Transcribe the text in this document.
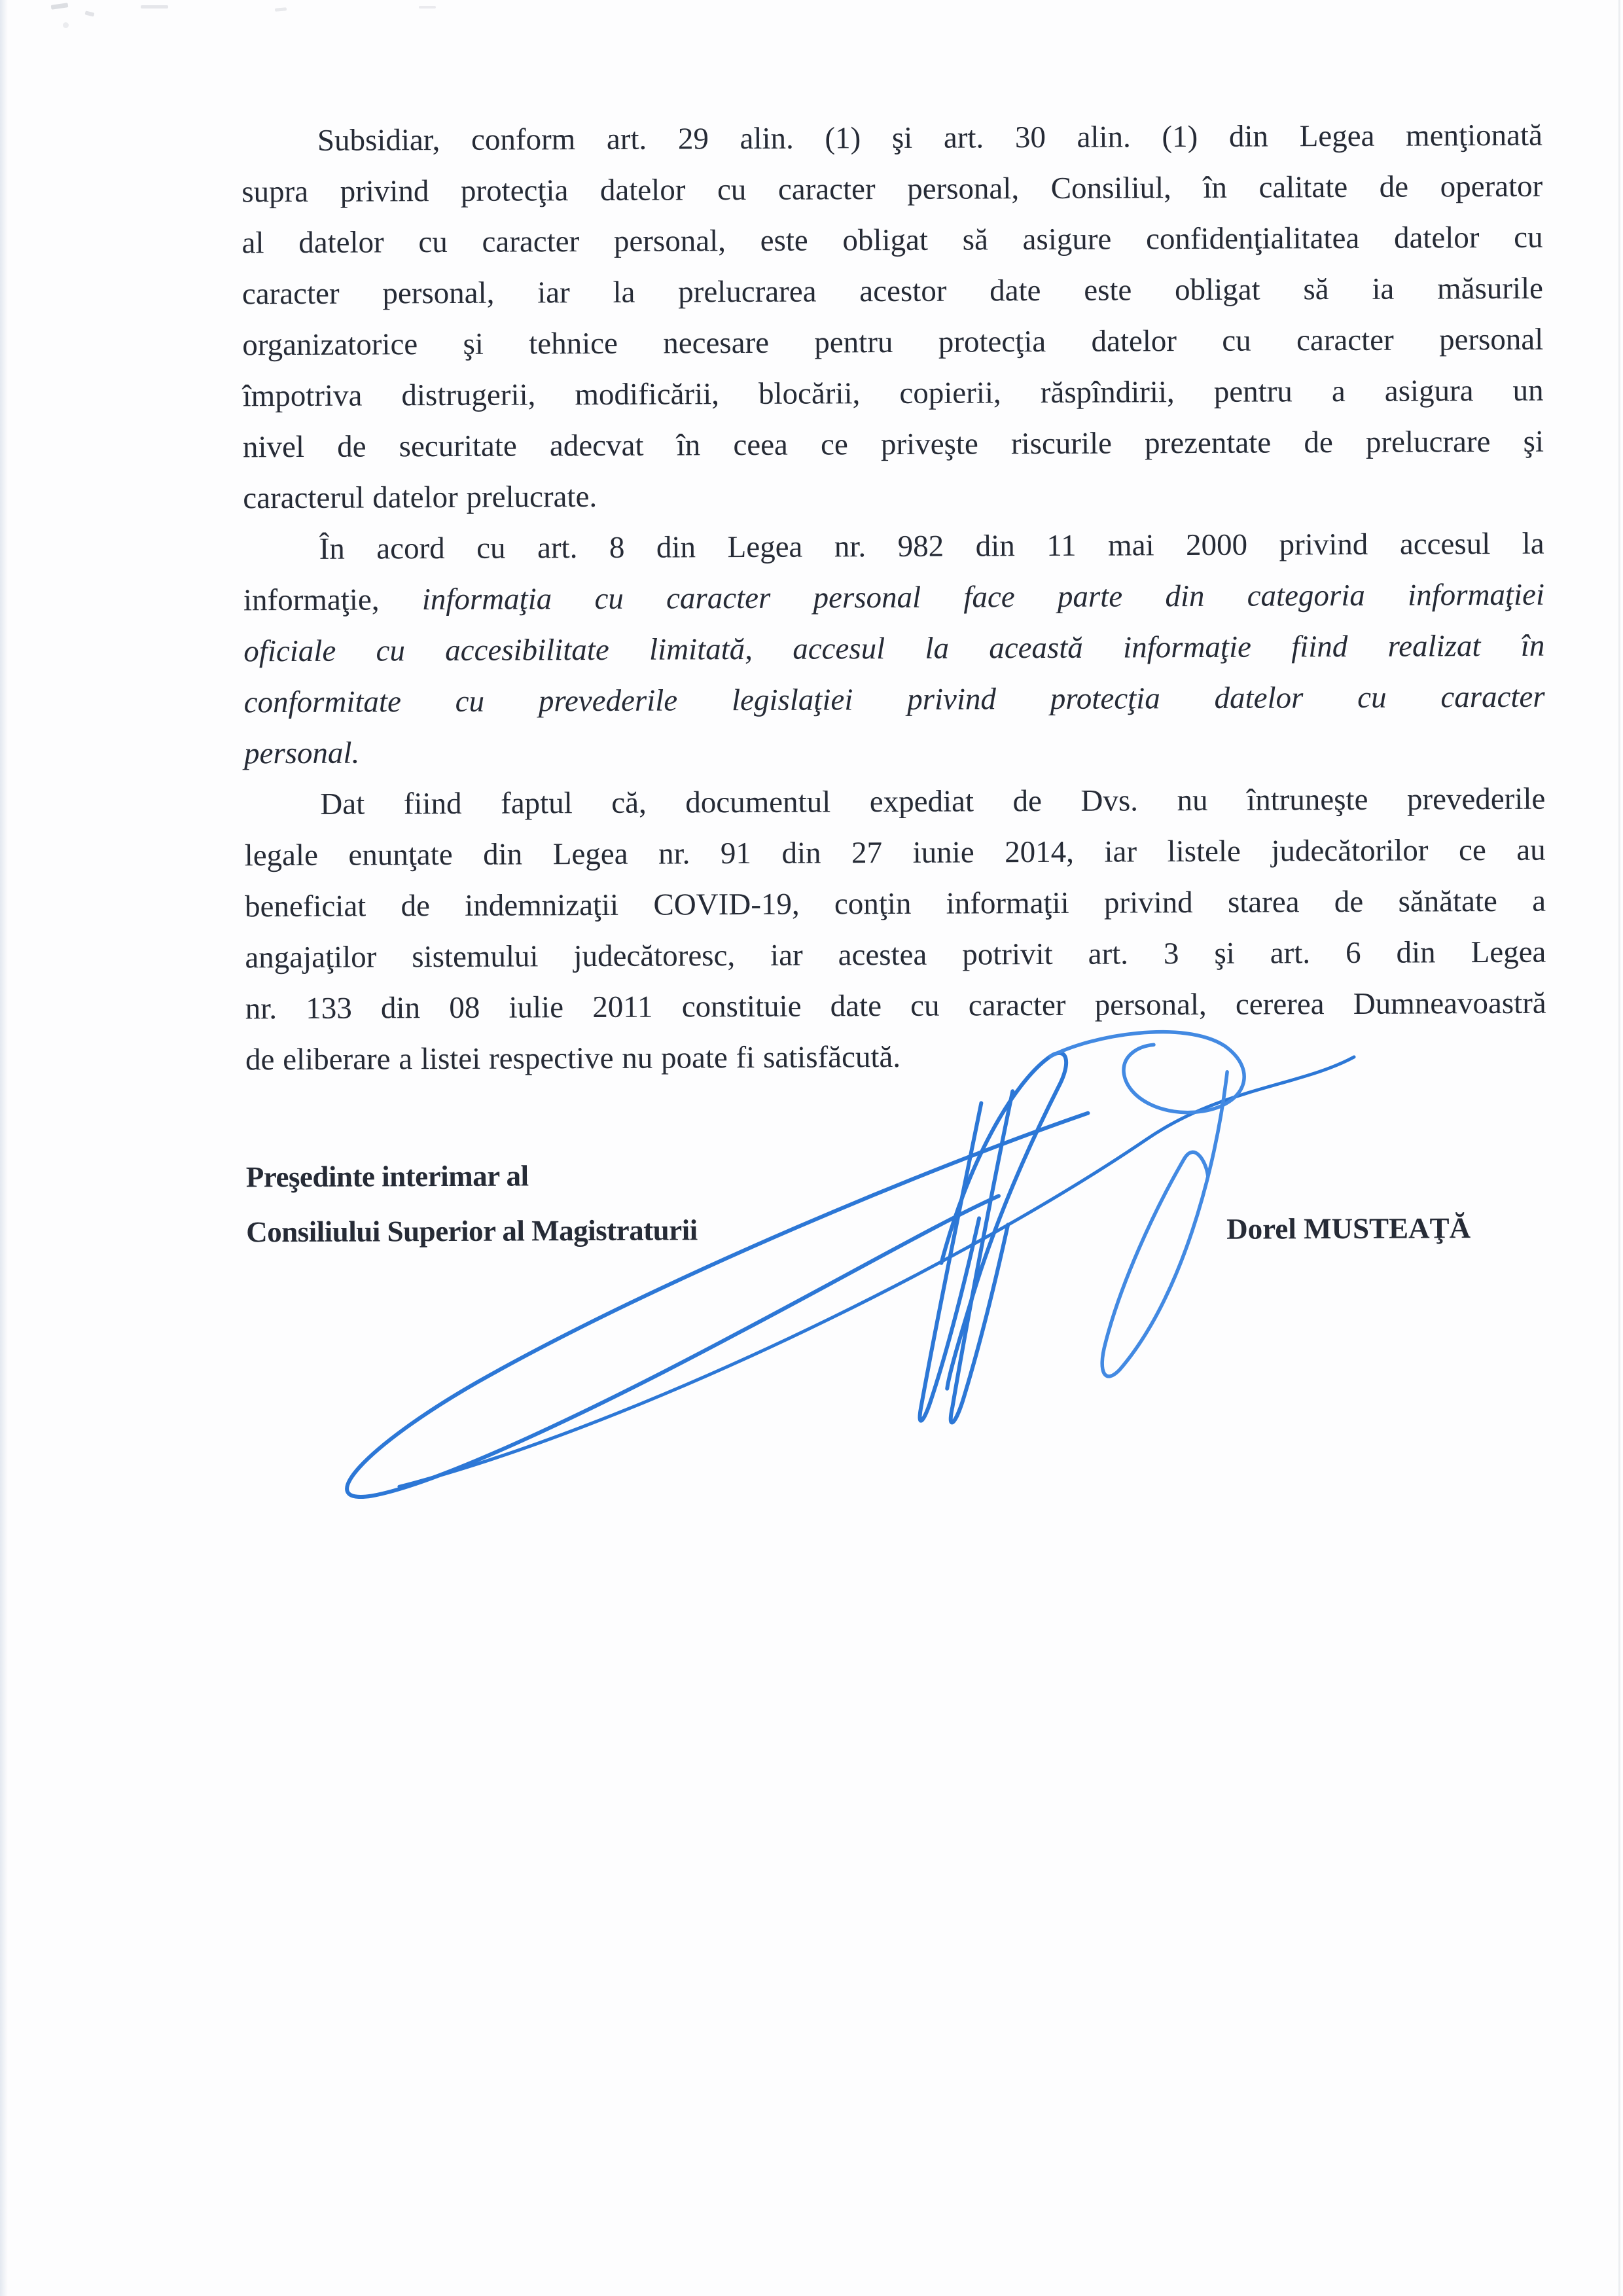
Subsidiar, conform art. 29 alin. (1) şi art. 30 alin. (1) din Legea menţionată
supra privind protecţia datelor cu caracter personal, Consiliul, în calitate de operator
al datelor cu caracter personal, este obligat să asigure confidenţialitatea datelor cu
caracter personal, iar la prelucrarea acestor date este obligat să ia măsurile
organizatorice şi tehnice necesare pentru protecţia datelor cu caracter personal
împotriva distrugerii, modificării, blocării, copierii, răspîndirii, pentru a asigura un
nivel de securitate adecvat în ceea ce priveşte riscurile prezentate de prelucrare şi
caracterul datelor prelucrate.
În acord cu art. 8 din Legea nr. 982 din 11 mai 2000 privind accesul la
informaţie, informaţia cu caracter personal face parte din categoria informaţiei
oficiale cu accesibilitate limitată, accesul la această informaţie fiind realizat în
conformitate cu prevederile legislaţiei privind protecţia datelor cu caracter
personal.
Dat fiind faptul că, documentul expediat de Dvs. nu întruneşte prevederile
legale enunţate din Legea nr. 91 din 27 iunie 2014, iar listele judecătorilor ce au
beneficiat de indemnizaţii COVID-19, conţin informaţii privind starea de sănătate a
angajaţilor sistemului judecătoresc, iar acestea potrivit art. 3 şi art. 6 din Legea
nr. 133 din 08 iulie 2011 constituie date cu caracter personal, cererea Dumneavoastră
de eliberare a listei respective nu poate fi satisfăcută.
Preşedinte interimar al
Consiliului Superior al Magistraturii	Dorel MUSTEAŢĂ
